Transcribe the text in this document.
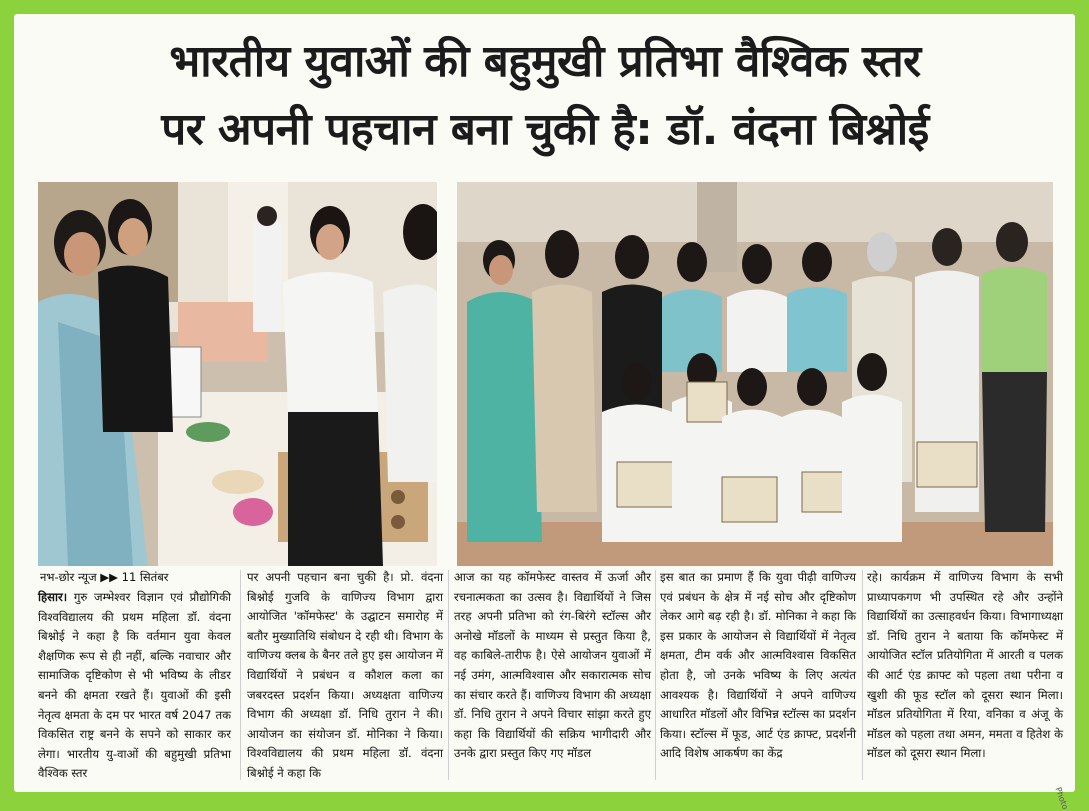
भारतीय युवाओं की बहुमुखी प्रतिभा वैश्विक स्तर
पर अपनी पहचान बना चुकी है: डॉ. वंदना बिश्नोई
नभ-छोर न्यूज ▶▶ 11 सितंबर
हिसार। गुरु जम्भेश्वर विज्ञान एवं प्रौद्योगिकी विश्वविद्यालय की प्रथम महिला डॉ. वंदना बिश्नोई ने कहा है कि वर्तमान युवा केवल शैक्षणिक रूप से ही नहीं, बल्कि नवाचार और सामाजिक दृष्टिकोण से भी भविष्य के लीडर बनने की क्षमता रखते हैं। युवाओं की इसी नेतृत्व क्षमता के दम पर भारत वर्ष 2047 तक विकसित राष्ट्र बनने के सपने को साकार कर लेगा। भारतीय यु-वाओं की बहुमुखी प्रतिभा वैश्विक स्तर
पर अपनी पहचान बना चुकी है। प्रो. वंदना बिश्नोई गुजवि के वाणिज्य विभाग द्वारा आयोजित 'कॉमफेस्ट' के उद्घाटन समारोह में बतौर मुख्यातिथि संबोधन दे रही थी। विभाग के वाणिज्य क्लब के बैनर तले हुए इस आयोजन में विद्यार्थियों ने प्रबंधन व कौशल कला का जबरदस्त प्रदर्शन किया। अध्यक्षता वाणिज्य विभाग की अध्यक्षा डॉ. निधि तुरान ने की। आयोजन का संयोजन डॉ. मोनिका ने किया। विश्वविद्यालय की प्रथम महिला डॉ. वंदना बिश्नोई ने कहा कि
आज का यह कॉमफेस्ट वास्तव में ऊर्जा और रचनात्मकता का उत्सव है। विद्यार्थियों ने जिस तरह अपनी प्रतिभा को रंग-बिरंगे स्टॉल्स और अनोखे मॉडलों के माध्यम से प्रस्तुत किया है, वह काबिले-तारीफ है। ऐसे आयोजन युवाओं में नई उमंग, आत्मविश्वास और सकारात्मक सोच का संचार करते हैं। वाणिज्य विभाग की अध्यक्षा डॉ. निधि तुरान ने अपने विचार सांझा करते हुए कहा कि विद्यार्थियों की सक्रिय भागीदारी और उनके द्वारा प्रस्तुत किए गए मॉडल
इस बात का प्रमाण हैं कि युवा पीढ़ी वाणिज्य एवं प्रबंधन के क्षेत्र में नई सोच और दृष्टिकोण लेकर आगे बढ़ रही है। डॉ. मोनिका ने कहा कि इस प्रकार के आयोजन से विद्यार्थियों में नेतृत्व क्षमता, टीम वर्क और आत्मविश्वास विकसित होता है, जो उनके भविष्य के लिए अत्यंत आवश्यक है। विद्यार्थियों ने अपने वाणिज्य आधारित मॉडलों और विभिन्न स्टॉल्स का प्रदर्शन किया। स्टॉल्स में फूड, आर्ट एंड क्राफ्ट, प्रदर्शनी आदि विशेष आकर्षण का केंद्र
रहे। कार्यक्रम में वाणिज्य विभाग के सभी प्राध्यापकगण भी उपस्थित रहे और उन्होंने विद्यार्थियों का उत्साहवर्धन किया। विभागाध्यक्षा डॉ. निधि तुरान ने बताया कि कॉमफेस्ट में आयोजित स्टॉल प्रतियोगिता में आरती व पलक की आर्ट एंड क्राफ्ट को पहला तथा परीना व खुशी की फूड स्टॉल को दूसरा स्थान मिला। मॉडल प्रतियोगिता में रिया, वनिका व अंजू के मॉडल को पहला तथा अमन, ममता व हितेश के मॉडल को दूसरा स्थान मिला।
Photo
